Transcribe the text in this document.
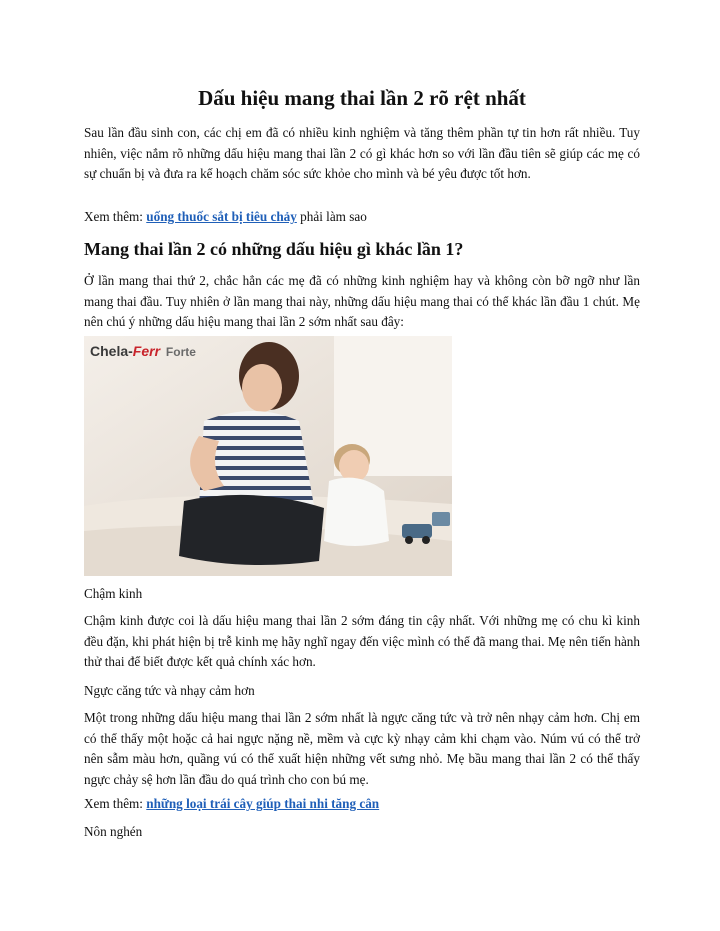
Dấu hiệu mang thai lần 2 rõ rệt nhất

Sau lần đầu sinh con, các chị em đã có nhiều kinh nghiệm và tăng thêm phần tự tin hơn rất nhiều. Tuy nhiên, việc nắm rõ những dấu hiệu mang thai lần 2 có gì khác hơn so với lần đầu tiên sẽ giúp các mẹ có sự chuẩn bị và đưa ra kế hoạch chăm sóc sức khỏe cho mình và bé yêu được tốt hơn.

Xem thêm: uống thuốc sắt bị tiêu chảy phải làm sao

Mang thai lần 2 có những dấu hiệu gì khác lần 1?

Ở lần mang thai thứ 2, chắc hẳn các mẹ đã có những kinh nghiệm hay và không còn bỡ ngỡ như lần mang thai đầu. Tuy nhiên ở lần mang thai này, những dấu hiệu mang thai có thể khác lần đầu 1 chút. Mẹ nên chú ý những dấu hiệu mang thai lần 2 sớm nhất sau đây:

Chela-Ferr Forte

Chậm kinh

Chậm kinh được coi là dấu hiệu mang thai lần 2 sớm đáng tin cậy nhất. Với những mẹ có chu kì kinh đều đặn, khi phát hiện bị trễ kinh mẹ hãy nghĩ ngay đến việc mình có thể đã mang thai. Mẹ nên tiến hành thử thai để biết được kết quả chính xác hơn.

Ngực căng tức và nhạy cảm hơn

Một trong những dấu hiệu mang thai lần 2 sớm nhất là ngực căng tức và trở nên nhạy cảm hơn. Chị em có thể thấy một hoặc cả hai ngực nặng nề, mềm và cực kỳ nhạy cảm khi chạm vào. Núm vú có thể trở nên sẫm màu hơn, quầng vú có thể xuất hiện những vết sưng nhỏ. Mẹ bầu mang thai lần 2 có thể thấy ngực chảy sệ hơn lần đầu do quá trình cho con bú mẹ.

Xem thêm: những loại trái cây giúp thai nhi tăng cân

Nôn nghén
